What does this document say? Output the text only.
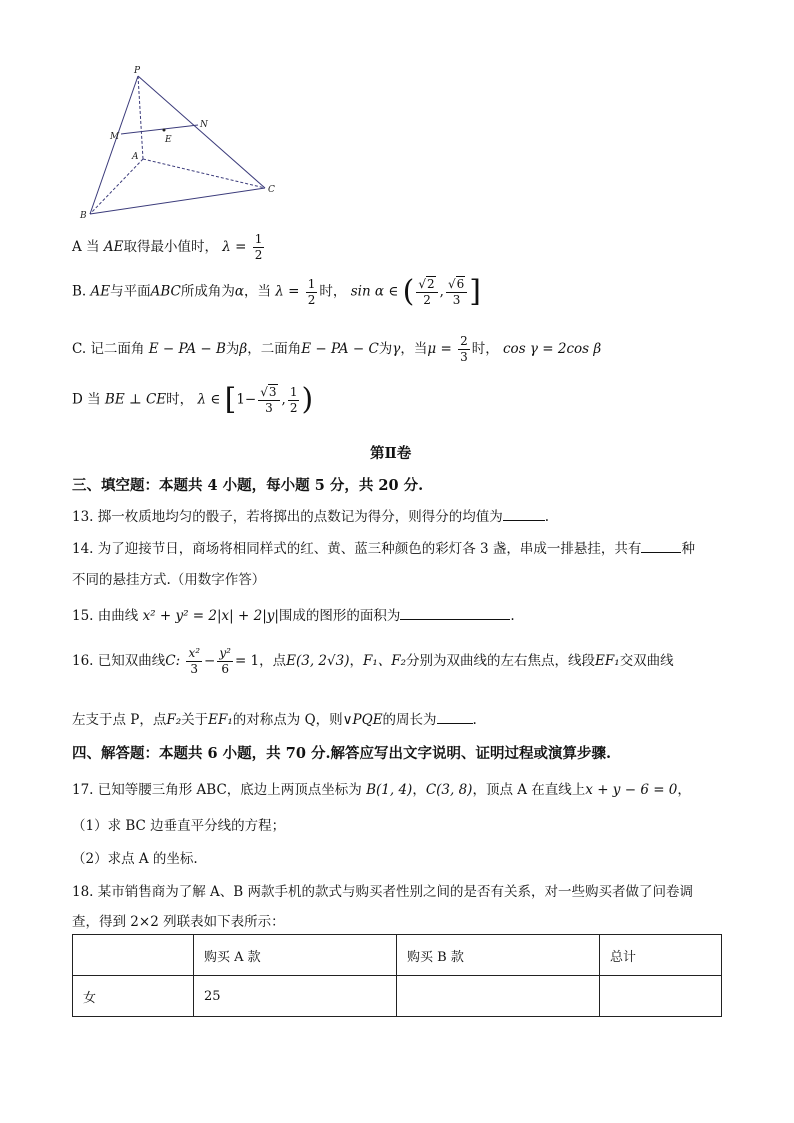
P
M
N
E
A
B
C
A 当 AE取得最小值时， $\lambda = \frac{1}{2}$
B. AE与平面ABC所成角为α，当 $\lambda = \frac{1}{2}$ 时， sin α ∈ ( $\frac{√2}{2}$ , $\frac{√6}{3}$ ]
C. 记二面角 E − PA − B为β，二面角E − PA − C为γ，当$\mu = \frac{2}{3}$ 时， cos γ = 2cos β
D 当 BE ⊥ CE时， λ ∈ [$1- \frac{√3}{3}$ , $\frac{1}{2}$ )
第Ⅱ卷
三、填空题：本题共 4 小题，每小题 5 分，共 20 分.
13. 掷一枚质地均匀的骰子，若将掷出的点数记为得分，则得分的均值为	.
14. 为了迎接节日，商场将相同样式的红、黄、蓝三种颜色的彩灯各 3 盏，串成一排悬挂，共有	种
不同的悬挂方式.（用数字作答）
15. 由曲线 x² + y² = 2|x| + 2|y|围成的图形的面积为	.
16. 已知双曲线C: $\frac{\text{x²}}{3} - \frac{\text{y²}}{6} = 1$，点E(3, 2√3)，F₁、F₂分别为双曲线的左右焦点，线段EF₁交双曲线
左支于点 P，点F₂关于EF₁的对称点为 Q，则∨PQE的周长为	.
四、解答题：本题共 6 小题，共 70 分.解答应写出文字说明、证明过程或演算步骤.
17. 已知等腰三角形 ABC，底边上两顶点坐标为 B(1, 4)，C(3, 8)，顶点 A 在直线上x + y − 6 = 0，
（1）求 BC 边垂直平分线的方程；
（2）求点 A 的坐标.
18. 某市销售商为了解 A、B 两款手机的款式与购买者性别之间的是否有关系，对一些购买者做了问卷调
查，得到 2×2 列联表如下表所示：
	购买 A 款	购买 B 款	总计
女	25		
